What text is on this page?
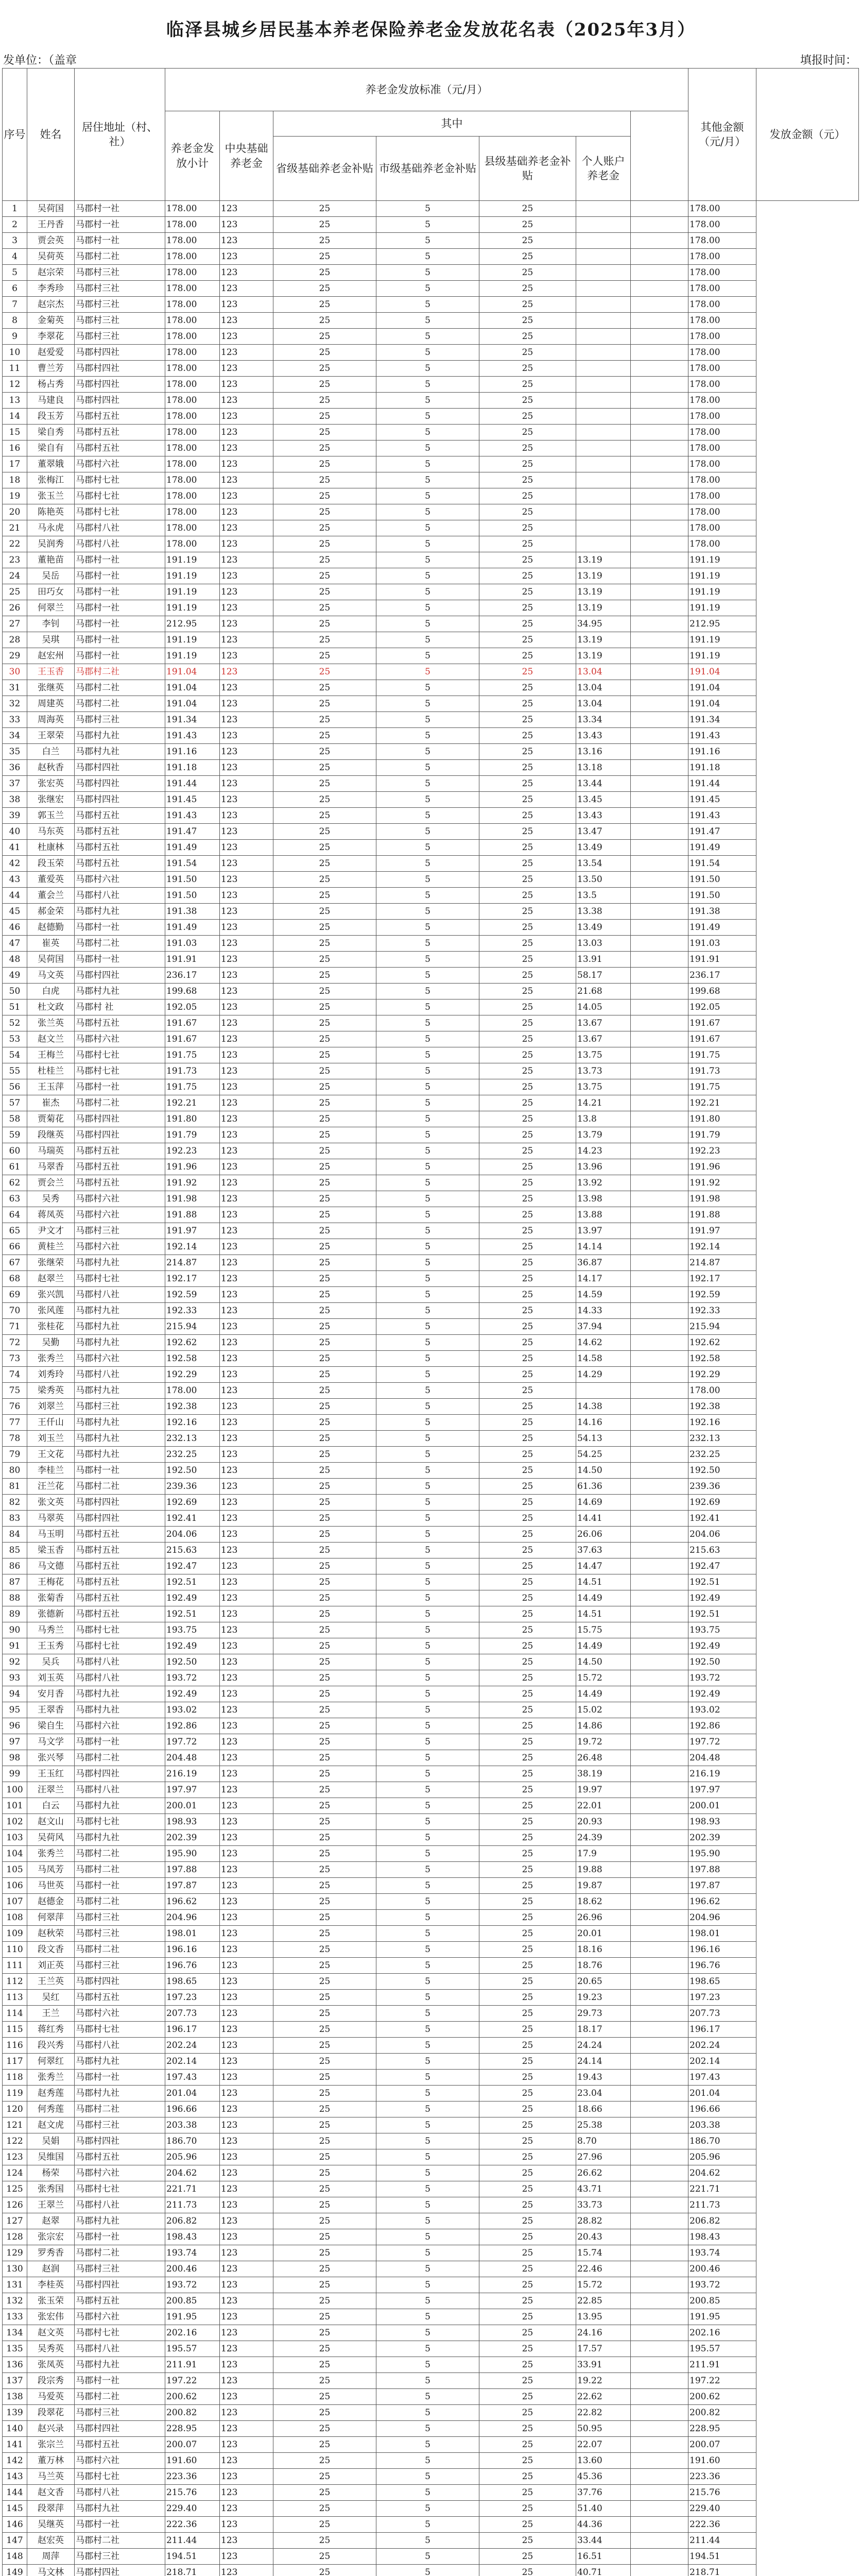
临泽县城乡居民基本养老保险养老金发放花名表（2025年3月）
发单位：（盖章	填报时间：
序号	姓名	居住地址（村、社）	养老金发放标准（元/月）							其他金额（元/月）	发放金额（元）
			养老金发放小计	中央基础养老金	其中						
					省级基础养老金补贴	市级基础养老金补贴	县级基础养老金补贴	个人账户养老金			
1	吴荷国	马郡村一社	178.00	123	25	5	25			178.00	
2	王丹香	马郡村一社	178.00	123	25	5	25			178.00	
3	贾会英	马郡村一社	178.00	123	25	5	25			178.00	
4	吴荷英	马郡村二社	178.00	123	25	5	25			178.00	
5	赵宗荣	马郡村三社	178.00	123	25	5	25			178.00	
6	李秀珍	马郡村三社	178.00	123	25	5	25			178.00	
7	赵宗杰	马郡村三社	178.00	123	25	5	25			178.00	
8	金菊英	马郡村三社	178.00	123	25	5	25			178.00	
9	李翠花	马郡村三社	178.00	123	25	5	25			178.00	
10	赵爱爱	马郡村四社	178.00	123	25	5	25			178.00	
11	曹兰芳	马郡村四社	178.00	123	25	5	25			178.00	
12	杨占秀	马郡村四社	178.00	123	25	5	25			178.00	
13	马建良	马郡村四社	178.00	123	25	5	25			178.00	
14	段玉芳	马郡村五社	178.00	123	25	5	25			178.00	
15	梁自秀	马郡村五社	178.00	123	25	5	25			178.00	
16	梁自有	马郡村五社	178.00	123	25	5	25			178.00	
17	董翠娥	马郡村六社	178.00	123	25	5	25			178.00	
18	张梅江	马郡村七社	178.00	123	25	5	25			178.00	
19	张玉兰	马郡村七社	178.00	123	25	5	25			178.00	
20	陈艳英	马郡村七社	178.00	123	25	5	25			178.00	
21	马永虎	马郡村八社	178.00	123	25	5	25			178.00	
22	吴润秀	马郡村八社	178.00	123	25	5	25			178.00	
23	董艳苗	马郡村一社	191.19	123	25	5	25	13.19		191.19	
24	吴岳	马郡村一社	191.19	123	25	5	25	13.19		191.19	
25	田巧女	马郡村一社	191.19	123	25	5	25	13.19		191.19	
26	何翠兰	马郡村一社	191.19	123	25	5	25	13.19		191.19	
27	李钊	马郡村一社	212.95	123	25	5	25	34.95		212.95	
28	吴琪	马郡村一社	191.19	123	25	5	25	13.19		191.19	
29	赵宏州	马郡村一社	191.19	123	25	5	25	13.19		191.19	
30	王玉香	马郡村二社	191.04	123	25	5	25	13.04		191.04	
31	张继英	马郡村二社	191.04	123	25	5	25	13.04		191.04	
32	周建英	马郡村二社	191.04	123	25	5	25	13.04		191.04	
33	周海英	马郡村三社	191.34	123	25	5	25	13.34		191.34	
34	王翠荣	马郡村九社	191.43	123	25	5	25	13.43		191.43	
35	白兰	马郡村九社	191.16	123	25	5	25	13.16		191.16	
36	赵秋香	马郡村四社	191.18	123	25	5	25	13.18		191.18	
37	张宏英	马郡村四社	191.44	123	25	5	25	13.44		191.44	
38	张继宏	马郡村四社	191.45	123	25	5	25	13.45		191.45	
39	郭玉兰	马郡村五社	191.43	123	25	5	25	13.43		191.43	
40	马东英	马郡村五社	191.47	123	25	5	25	13.47		191.47	
41	杜康林	马郡村五社	191.49	123	25	5	25	13.49		191.49	
42	段玉荣	马郡村五社	191.54	123	25	5	25	13.54		191.54	
43	董爱英	马郡村六社	191.50	123	25	5	25	13.50		191.50	
44	董会兰	马郡村八社	191.50	123	25	5	25	13.5		191.50	
45	郝金荣	马郡村九社	191.38	123	25	5	25	13.38		191.38	
46	赵德勤	马郡村一社	191.49	123	25	5	25	13.49		191.49	
47	崔英	马郡村二社	191.03	123	25	5	25	13.03		191.03	
48	吴荷国	马郡村一社	191.91	123	25	5	25	13.91		191.91	
49	马文英	马郡村四社	236.17	123	25	5	25	58.17		236.17	
50	白虎	马郡村九社	199.68	123	25	5	25	21.68		199.68	
51	杜文政	马郡村 社	192.05	123	25	5	25	14.05		192.05	
52	张兰英	马郡村五社	191.67	123	25	5	25	13.67		191.67	
53	赵文兰	马郡村六社	191.67	123	25	5	25	13.67		191.67	
54	王梅兰	马郡村七社	191.75	123	25	5	25	13.75		191.75	
55	杜桂兰	马郡村七社	191.73	123	25	5	25	13.73		191.73	
56	王玉萍	马郡村一社	191.75	123	25	5	25	13.75		191.75	
57	崔杰	马郡村二社	192.21	123	25	5	25	14.21		192.21	
58	贾菊花	马郡村四社	191.80	123	25	5	25	13.8		191.80	
59	段继英	马郡村四社	191.79	123	25	5	25	13.79		191.79	
60	马瑞英	马郡村五社	192.23	123	25	5	25	14.23		192.23	
61	马翠香	马郡村五社	191.96	123	25	5	25	13.96		191.96	
62	贾会兰	马郡村五社	191.92	123	25	5	25	13.92		191.92	
63	吴秀	马郡村六社	191.98	123	25	5	25	13.98		191.98	
64	蒋凤英	马郡村六社	191.88	123	25	5	25	13.88		191.88	
65	尹文才	马郡村三社	191.97	123	25	5	25	13.97		191.97	
66	黄桂兰	马郡村六社	192.14	123	25	5	25	14.14		192.14	
67	张继荣	马郡村九社	214.87	123	25	5	25	36.87		214.87	
68	赵翠兰	马郡村七社	192.17	123	25	5	25	14.17		192.17	
69	张兴凯	马郡村八社	192.59	123	25	5	25	14.59		192.59	
70	张风莲	马郡村九社	192.33	123	25	5	25	14.33		192.33	
71	张桂花	马郡村九社	215.94	123	25	5	25	37.94		215.94	
72	吴勤	马郡村九社	192.62	123	25	5	25	14.62		192.62	
73	张秀兰	马郡村六社	192.58	123	25	5	25	14.58		192.58	
74	刘秀玲	马郡村八社	192.29	123	25	5	25	14.29		192.29	
75	梁秀英	马郡村九社	178.00	123	25	5	25			178.00	
76	刘翠兰	马郡村三社	192.38	123	25	5	25	14.38		192.38	
77	王仟山	马郡村九社	192.16	123	25	5	25	14.16		192.16	
78	刘玉兰	马郡村九社	232.13	123	25	5	25	54.13		232.13	
79	王文花	马郡村九社	232.25	123	25	5	25	54.25		232.25	
80	李桂兰	马郡村一社	192.50	123	25	5	25	14.50		192.50	
81	汪兰花	马郡村二社	239.36	123	25	5	25	61.36		239.36	
82	张文英	马郡村四社	192.69	123	25	5	25	14.69		192.69	
83	马翠英	马郡村四社	192.41	123	25	5	25	14.41		192.41	
84	马玉明	马郡村五社	204.06	123	25	5	25	26.06		204.06	
85	梁玉香	马郡村五社	215.63	123	25	5	25	37.63		215.63	
86	马文德	马郡村五社	192.47	123	25	5	25	14.47		192.47	
87	王梅花	马郡村五社	192.51	123	25	5	25	14.51		192.51	
88	张菊香	马郡村五社	192.49	123	25	5	25	14.49		192.49	
89	张德新	马郡村五社	192.51	123	25	5	25	14.51		192.51	
90	马秀兰	马郡村七社	193.75	123	25	5	25	15.75		193.75	
91	王玉秀	马郡村七社	192.49	123	25	5	25	14.49		192.49	
92	吴兵	马郡村八社	192.50	123	25	5	25	14.50		192.50	
93	刘玉英	马郡村八社	193.72	123	25	5	25	15.72		193.72	
94	安月香	马郡村九社	192.49	123	25	5	25	14.49		192.49	
95	王翠香	马郡村九社	193.02	123	25	5	25	15.02		193.02	
96	梁自生	马郡村六社	192.86	123	25	5	25	14.86		192.86	
97	马文学	马郡村一社	197.72	123	25	5	25	19.72		197.72	
98	张兴琴	马郡村二社	204.48	123	25	5	25	26.48		204.48	
99	王玉红	马郡村四社	216.19	123	25	5	25	38.19		216.19	
100	汪翠兰	马郡村八社	197.97	123	25	5	25	19.97		197.97	
101	白云	马郡村九社	200.01	123	25	5	25	22.01		200.01	
102	赵文山	马郡村七社	198.93	123	25	5	25	20.93		198.93	
103	吴荷风	马郡村九社	202.39	123	25	5	25	24.39		202.39	
104	张秀兰	马郡村二社	195.90	123	25	5	25	17.9		195.90	
105	马凤芳	马郡村二社	197.88	123	25	5	25	19.88		197.88	
106	马世英	马郡村一社	197.87	123	25	5	25	19.87		197.87	
107	赵德金	马郡村二社	196.62	123	25	5	25	18.62		196.62	
108	何翠萍	马郡村三社	204.96	123	25	5	25	26.96		204.96	
109	赵秋荣	马郡村三社	198.01	123	25	5	25	20.01		198.01	
110	段文香	马郡村二社	196.16	123	25	5	25	18.16		196.16	
111	刘正英	马郡村三社	196.76	123	25	5	25	18.76		196.76	
112	王兰英	马郡村四社	198.65	123	25	5	25	20.65		198.65	
113	吴红	马郡村五社	197.23	123	25	5	25	19.23		197.23	
114	王兰	马郡村六社	207.73	123	25	5	25	29.73		207.73	
115	蒋红秀	马郡村七社	196.17	123	25	5	25	18.17		196.17	
116	段兴秀	马郡村八社	202.24	123	25	5	25	24.24		202.24	
117	何翠红	马郡村九社	202.14	123	25	5	25	24.14		202.14	
118	张秀兰	马郡村一社	197.43	123	25	5	25	19.43		197.43	
119	赵秀莲	马郡村九社	201.04	123	25	5	25	23.04		201.04	
120	何秀莲	马郡村二社	196.66	123	25	5	25	18.66		196.66	
121	赵文虎	马郡村三社	203.38	123	25	5	25	25.38		203.38	
122	吴娟	马郡村四社	186.70	123	25	5	25	8.70		186.70	
123	吴维国	马郡村五社	205.96	123	25	5	25	27.96		205.96	
124	杨荣	马郡村六社	204.62	123	25	5	25	26.62		204.62	
125	张秀国	马郡村七社	221.71	123	25	5	25	43.71		221.71	
126	王翠兰	马郡村八社	211.73	123	25	5	25	33.73		211.73	
127	赵翠	马郡村九社	206.82	123	25	5	25	28.82		206.82	
128	张宗宏	马郡村一社	198.43	123	25	5	25	20.43		198.43	
129	罗秀香	马郡村二社	193.74	123	25	5	25	15.74		193.74	
130	赵润	马郡村三社	200.46	123	25	5	25	22.46		200.46	
131	李桂英	马郡村四社	193.72	123	25	5	25	15.72		193.72	
132	张玉荣	马郡村五社	200.85	123	25	5	25	22.85		200.85	
133	张宏伟	马郡村六社	191.95	123	25	5	25	13.95		191.95	
134	赵文英	马郡村七社	202.16	123	25	5	25	24.16		202.16	
135	吴秀英	马郡村八社	195.57	123	25	5	25	17.57		195.57	
136	张凤英	马郡村九社	211.91	123	25	5	25	33.91		211.91	
137	段宗秀	马郡村一社	197.22	123	25	5	25	19.22		197.22	
138	马爱英	马郡村二社	200.62	123	25	5	25	22.62		200.62	
139	段翠花	马郡村三社	200.82	123	25	5	25	22.82		200.82	
140	赵兴录	马郡村四社	228.95	123	25	5	25	50.95		228.95	
141	张宗兰	马郡村五社	200.07	123	25	5	25	22.07		200.07	
142	董万林	马郡村六社	191.60	123	25	5	25	13.60		191.60	
143	马兰英	马郡村七社	223.36	123	25	5	25	45.36		223.36	
144	赵文香	马郡村八社	215.76	123	25	5	25	37.76		215.76	
145	段翠萍	马郡村九社	229.40	123	25	5	25	51.40		229.40	
146	吴继英	马郡村一社	222.36	123	25	5	25	44.36		222.36	
147	赵宏英	马郡村二社	211.44	123	25	5	25	33.44		211.44	
148	周萍	马郡村三社	194.51	123	25	5	25	16.51		194.51	
149	马文林	马郡村四社	218.71	123	25	5	25	40.71		218.71	
